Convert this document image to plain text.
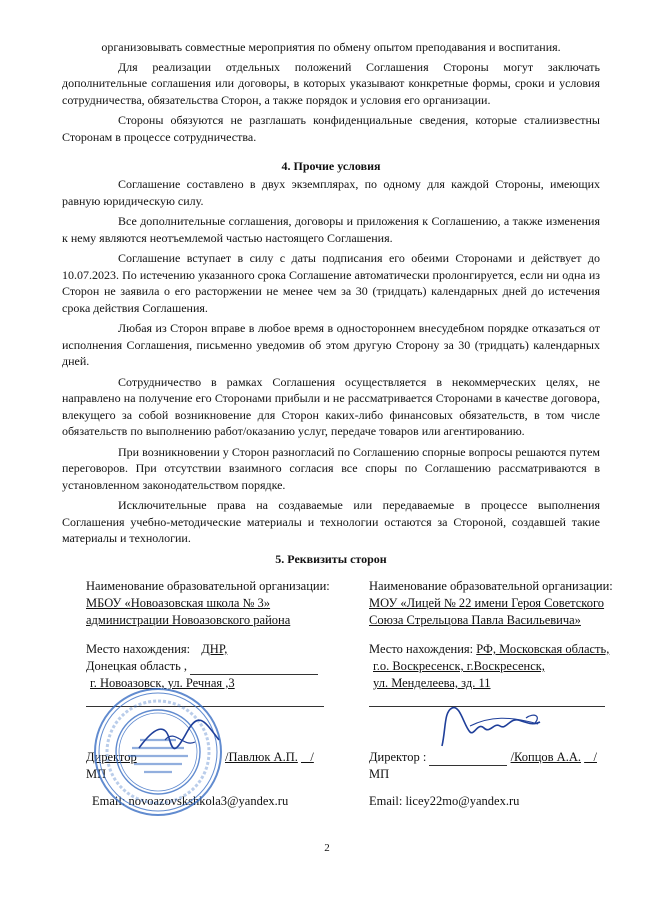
организовывать совместные мероприятия по обмену опытом преподавания и воспитания.

Для реализации отдельных положений Соглашения Стороны могут заключать дополнительные соглашения или договоры, в которых указывают конкретные формы, сроки и условия сотрудничества, обязательства Сторон, а также порядок и условия его организации.

Стороны обязуются не разглашать конфиденциальные сведения, которые сталиизвестны Сторонам в процессе сотрудничества.

4. Прочие условия

Соглашение составлено в двух экземплярах, по одному для каждой Стороны, имеющих равную юридическую силу.

Все дополнительные соглашения, договоры и приложения к Соглашению, а также изменения к нему являются неотъемлемой частью настоящего Соглашения.

Соглашение вступает в силу с даты подписания его обеими Сторонами и действует до 10.07.2023. По истечению указанного срока Соглашение автоматически пролонгируется, если ни одна из Сторон не заявила о его расторжении не менее чем за 30 (тридцать) календарных дней до истечения срока действия Соглашения.

Любая из Сторон вправе в любое время в одностороннем внесудебном порядке отказаться от исполнения Соглашения, письменно уведомив об этом другую Сторону за 30 (тридцать) календарных дней.

Сотрудничество в рамках Соглашения осуществляется в некоммерческих целях, не направлено на получение его Сторонами прибыли и не рассматривается Сторонами в качестве договора, влекущего за собой возникновение для Сторон каких-либо финансовых обязательств, в том числе обязательств по выполнению работ/оказанию услуг, передаче товаров или агентированию.

При возникновении у Сторон разногласий по Соглашению спорные вопросы решаются путем переговоров. При отсутствии взаимного согласия все споры по Соглашению рассматриваются в установленном законодательством порядке.

Исключительные права на создаваемые или передаваемые в процессе выполнения Соглашения учебно-методические материалы и технологии остаются за Стороной, создавшей такие материалы и технологии.

5. Реквизиты сторон
Наименование образовательной организации:
МБОУ «Новоазовская школа № 3»
администрации Новоазовского района
Место нахождения: ДНР,
Донецкая область ,
г. Новоазовск, ул. Речная ,3
Директор	/Павлюк А.П.    /
МП
Email: novoazovskshkola3@yandex.ru
Наименование образовательной организации:
МОУ «Лицей № 22 имени Героя Советского
Союза Стрельцова Павла Васильевича»
Место нахождения: РФ, Московская область,
г.о. Воскресенск, г.Воскресенск,
ул. Менделеева, зд. 11
Директор :	/Копцов А.А.    /
МП
Email: licey22mo@yandex.ru
2
